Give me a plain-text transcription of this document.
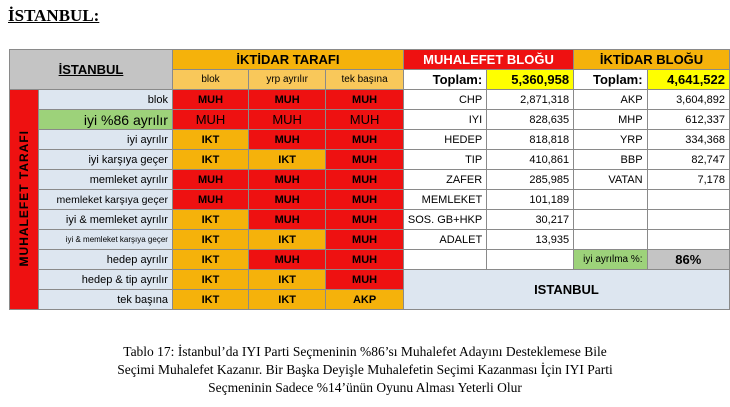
İSTANBUL:
İSTANBUL		İKTİDAR TARAFI			MUHALEFET BLOĞU		İKTİDAR BLOĞU	
		blok	yrp ayrılır	tek başına	Toplam:	5,360,958	Toplam:	4,641,522
MUHALEFET TARAFI	blok	MUH	MUH	MUH	CHP	2,871,318	AKP	3,604,892
	iyi %86 ayrılır	MUH	MUH	MUH	IYI	828,635	MHP	612,337
	iyi ayrılır	IKT	MUH	MUH	HEDEP	818,818	YRP	334,368
	iyi karşıya geçer	IKT	IKT	MUH	TIP	410,861	BBP	82,747
	memleket ayrılır	MUH	MUH	MUH	ZAFER	285,985	VATAN	7,178
	memleket karşıya geçer	MUH	MUH	MUH	MEMLEKET	101,189		
	iyi & memleket ayrılır	IKT	MUH	MUH	SOS. GB+HKP	30,217		
	iyi & memleket karşıya geçer	IKT	IKT	MUH	ADALET	13,935		
	hedep ayrılır	IKT	MUH	MUH			iyi ayrılma %:	86%
	hedep & tip ayrılır	IKT	IKT	MUH	ISTANBUL			
	tek başına	IKT	IKT	AKP				
Tablo 17: İstanbul’da IYI Parti Seçmeninin %86’sı Muhalefet Adayını Desteklemese Bile
Seçimi Muhalefet Kazanır. Bir Başka Deyişle Muhalefetin Seçimi Kazanması İçin IYI Parti
Seçmeninin Sadece %14’ünün Oyunu Alması Yeterli Olur
